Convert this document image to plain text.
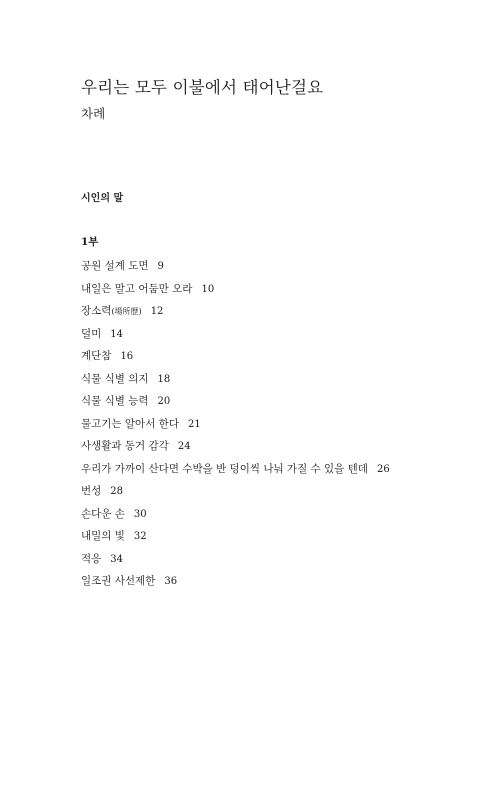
우리는 모두 이불에서 태어난걸요
차례
시인의 말
1부
공원 설계 도면 9
내일은 말고 어둠만 오라 10
장소력(場所歷) 12
덜미 14
계단참 16
식물 식별 의지 18
식물 식별 능력 20
물고기는 알아서 한다 21
사생활과 동거 감각 24
우리가 가까이 산다면 수박을 반 덩이씩 나눠 가질 수 있을 텐데 26
번성 28
손다운 손 30
내밀의 빛 32
적응 34
일조권 사선제한 36
